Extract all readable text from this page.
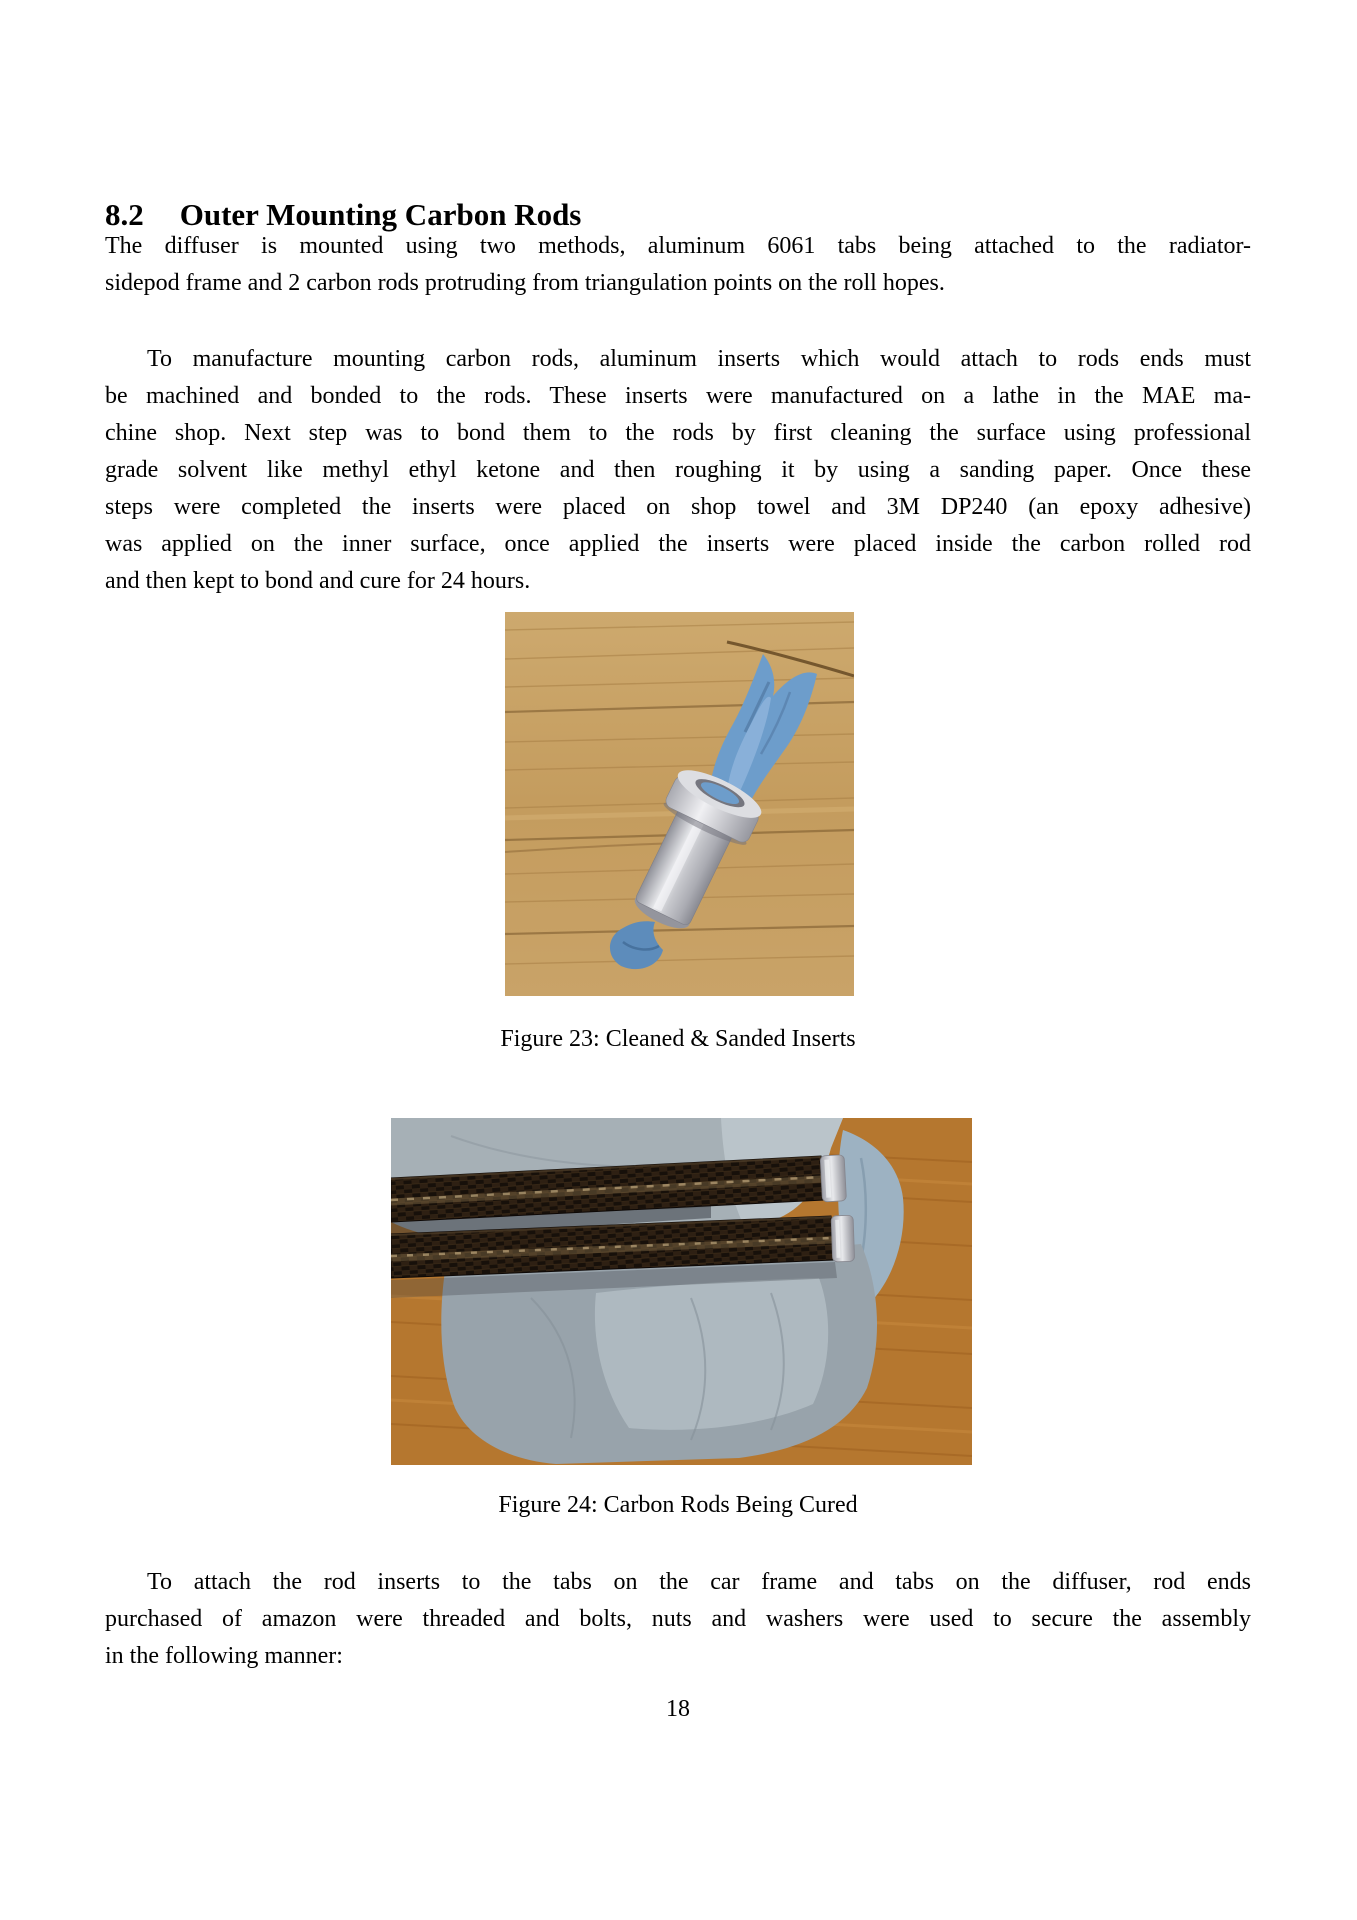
8.2 Outer Mounting Carbon Rods
The diffuser is mounted using two methods, aluminum 6061 tabs being attached to the radiator-
sidepod frame and 2 carbon rods protruding from triangulation points on the roll hopes.
To manufacture mounting carbon rods, aluminum inserts which would attach to rods ends must
be machined and bonded to the rods. These inserts were manufactured on a lathe in the MAE ma-
chine shop. Next step was to bond them to the rods by first cleaning the surface using professional
grade solvent like methyl ethyl ketone and then roughing it by using a sanding paper. Once these
steps were completed the inserts were placed on shop towel and 3M DP240 (an epoxy adhesive)
was applied on the inner surface, once applied the inserts were placed inside the carbon rolled rod
and then kept to bond and cure for 24 hours.
Figure 23: Cleaned & Sanded Inserts
Figure 24: Carbon Rods Being Cured
To attach the rod inserts to the tabs on the car frame and tabs on the diffuser, rod ends
purchased of amazon were threaded and bolts, nuts and washers were used to secure the assembly
in the following manner:
18
